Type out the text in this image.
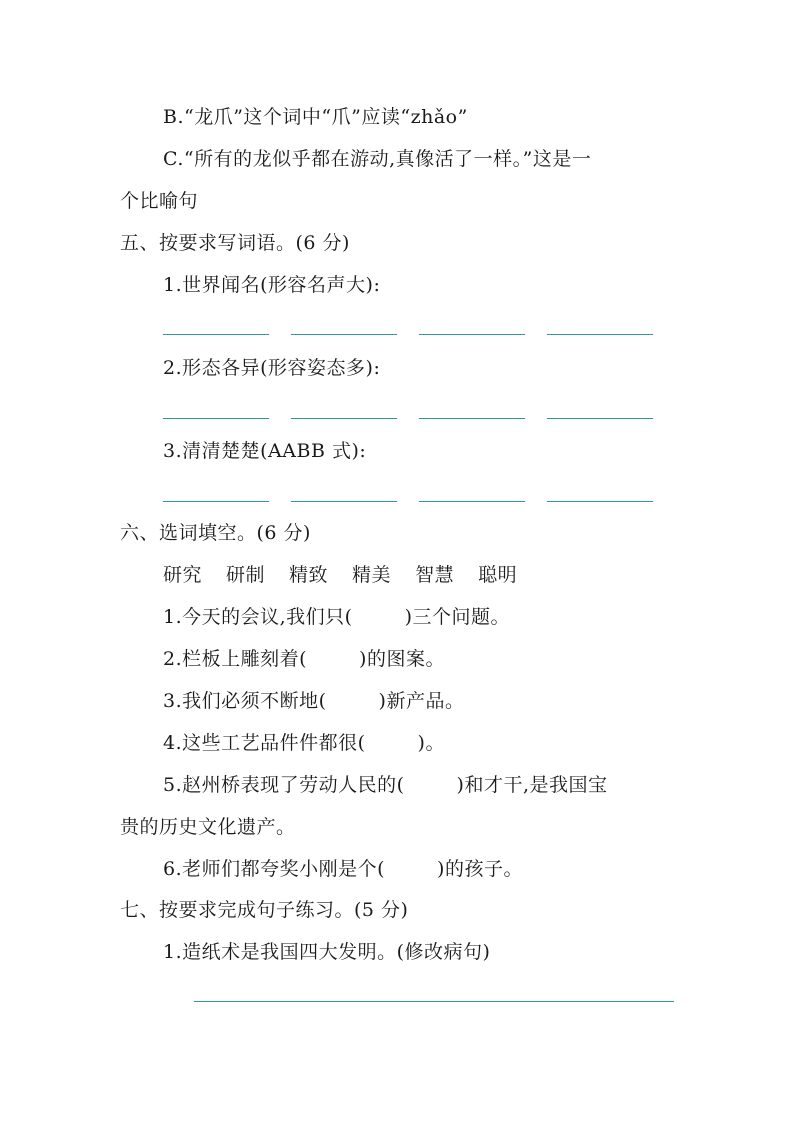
B.“龙爪”这个词中“爪”应读“zhǎo”
C.“所有的龙似乎都在游动,真像活了一样。”这是一
个比喻句
五、按要求写词语。(6 分)
1.世界闻名(形容名声大):
2.形态各异(形容姿态多):
3.清清楚楚(AABB 式):
六、选词填空。(6 分)
研究 研制 精致 精美 智慧 聪明
1.今天的会议,我们只(	)三个问题。
2.栏板上雕刻着(	)的图案。
3.我们必须不断地(	)新产品。
4.这些工艺品件件都很(	)。
5.赵州桥表现了劳动人民的(	)和才干,是我国宝
贵的历史文化遗产。
6.老师们都夸奖小刚是个(	)的孩子。
七、按要求完成句子练习。(5 分)
1.造纸术是我国四大发明。(修改病句)
